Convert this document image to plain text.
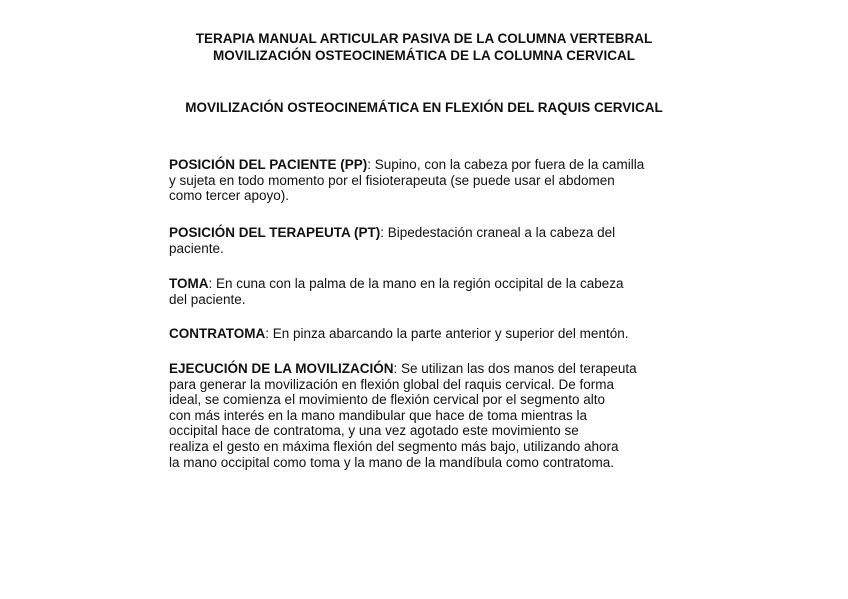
TERAPIA MANUAL ARTICULAR PASIVA DE LA COLUMNA VERTEBRAL
MOVILIZACIÓN OSTEOCINEMÁTICA DE LA COLUMNA CERVICAL
MOVILIZACIÓN OSTEOCINEMÁTICA EN FLEXIÓN DEL RAQUIS CERVICAL
POSICIÓN DEL PACIENTE (PP): Supino, con la cabeza por fuera de la camilla
y sujeta en todo momento por el fisioterapeuta (se puede usar el abdomen
como tercer apoyo).
POSICIÓN DEL TERAPEUTA (PT): Bipedestación craneal a la cabeza del
paciente.
TOMA: En cuna con la palma de la mano en la región occipital de la cabeza
del paciente.
CONTRATOMA: En pinza abarcando la parte anterior y superior del mentón.
EJECUCIÓN DE LA MOVILIZACIÓN: Se utilizan las dos manos del terapeuta
para generar la movilización en flexión global del raquis cervical. De forma
ideal, se comienza el movimiento de flexión cervical por el segmento alto
con más interés en la mano mandibular que hace de toma mientras la
occipital hace de contratoma, y una vez agotado este movimiento se
realiza el gesto en máxima flexión del segmento más bajo, utilizando ahora
la mano occipital como toma y la mano de la mandíbula como contratoma.
